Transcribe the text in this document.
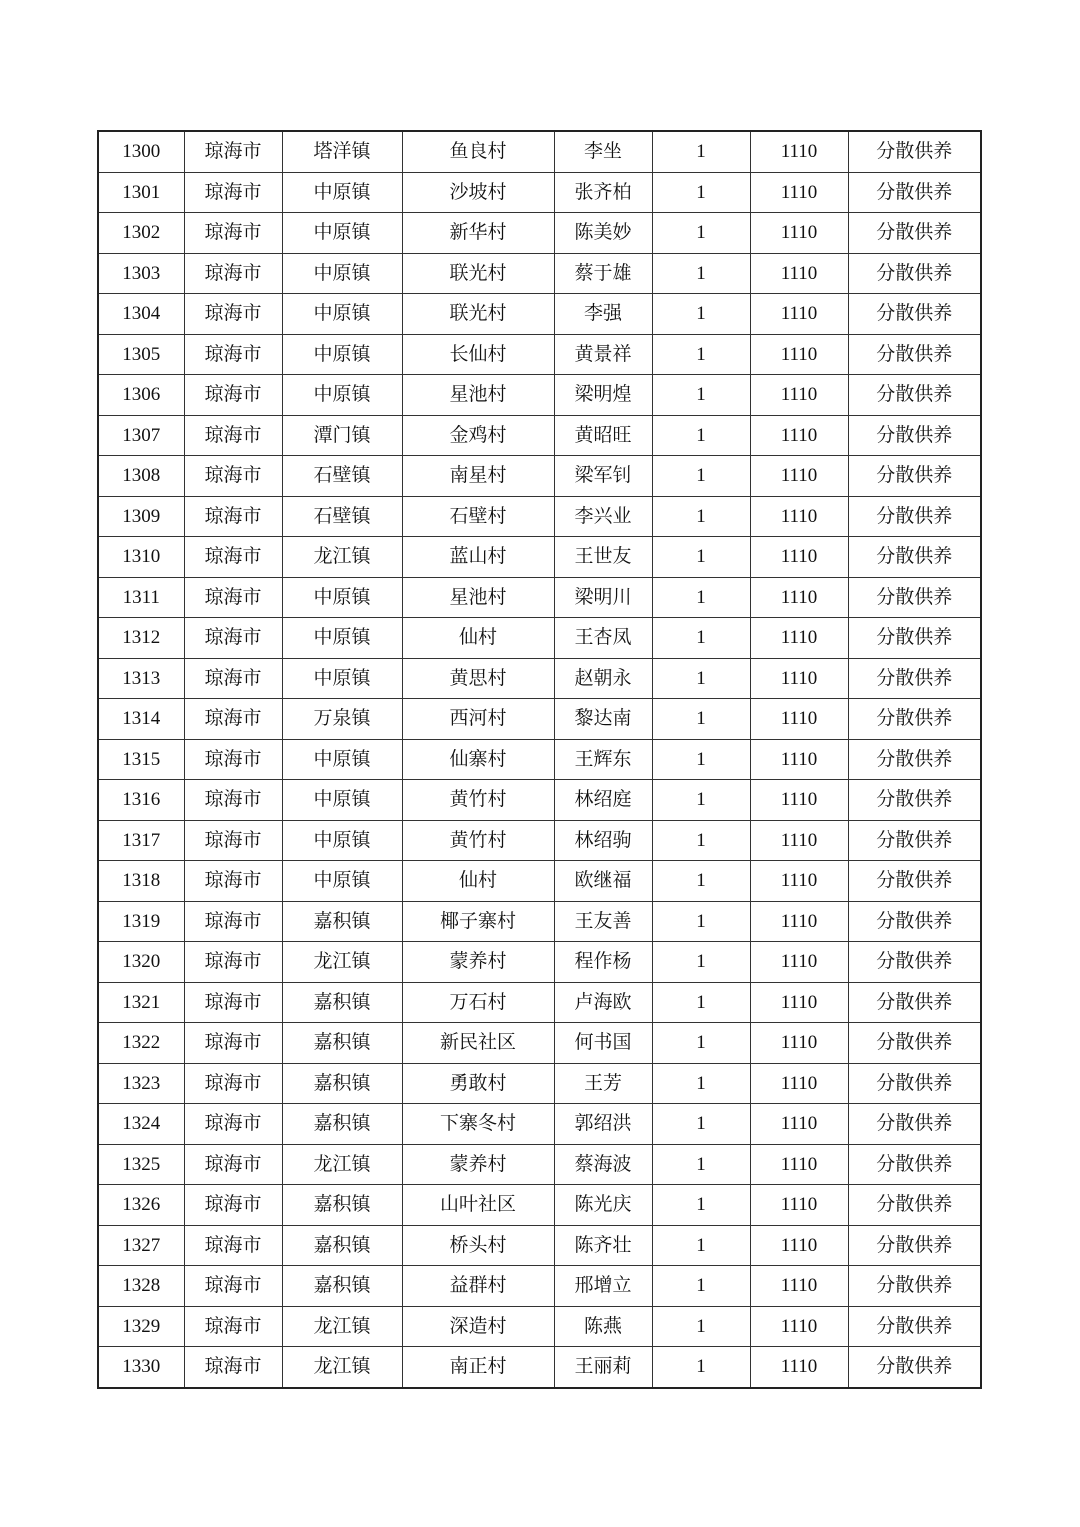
1300	琼海市	塔洋镇	鱼良村	李坐	1	1110	分散供养
1301	琼海市	中原镇	沙坡村	张齐柏	1	1110	分散供养
1302	琼海市	中原镇	新华村	陈美妙	1	1110	分散供养
1303	琼海市	中原镇	联光村	蔡于雄	1	1110	分散供养
1304	琼海市	中原镇	联光村	李强	1	1110	分散供养
1305	琼海市	中原镇	长仙村	黄景祥	1	1110	分散供养
1306	琼海市	中原镇	星池村	梁明煌	1	1110	分散供养
1307	琼海市	潭门镇	金鸡村	黄昭旺	1	1110	分散供养
1308	琼海市	石壁镇	南星村	梁军钊	1	1110	分散供养
1309	琼海市	石壁镇	石壁村	李兴业	1	1110	分散供养
1310	琼海市	龙江镇	蓝山村	王世友	1	1110	分散供养
1311	琼海市	中原镇	星池村	梁明川	1	1110	分散供养
1312	琼海市	中原镇	仙村	王杏凤	1	1110	分散供养
1313	琼海市	中原镇	黄思村	赵朝永	1	1110	分散供养
1314	琼海市	万泉镇	西河村	黎达南	1	1110	分散供养
1315	琼海市	中原镇	仙寨村	王辉东	1	1110	分散供养
1316	琼海市	中原镇	黄竹村	林绍庭	1	1110	分散供养
1317	琼海市	中原镇	黄竹村	林绍驹	1	1110	分散供养
1318	琼海市	中原镇	仙村	欧继福	1	1110	分散供养
1319	琼海市	嘉积镇	椰子寨村	王友善	1	1110	分散供养
1320	琼海市	龙江镇	蒙养村	程作杨	1	1110	分散供养
1321	琼海市	嘉积镇	万石村	卢海欧	1	1110	分散供养
1322	琼海市	嘉积镇	新民社区	何书国	1	1110	分散供养
1323	琼海市	嘉积镇	勇敢村	王芳	1	1110	分散供养
1324	琼海市	嘉积镇	下寨冬村	郭绍洪	1	1110	分散供养
1325	琼海市	龙江镇	蒙养村	蔡海波	1	1110	分散供养
1326	琼海市	嘉积镇	山叶社区	陈光庆	1	1110	分散供养
1327	琼海市	嘉积镇	桥头村	陈齐壮	1	1110	分散供养
1328	琼海市	嘉积镇	益群村	邢增立	1	1110	分散供养
1329	琼海市	龙江镇	深造村	陈燕	1	1110	分散供养
1330	琼海市	龙江镇	南正村	王丽莉	1	1110	分散供养
